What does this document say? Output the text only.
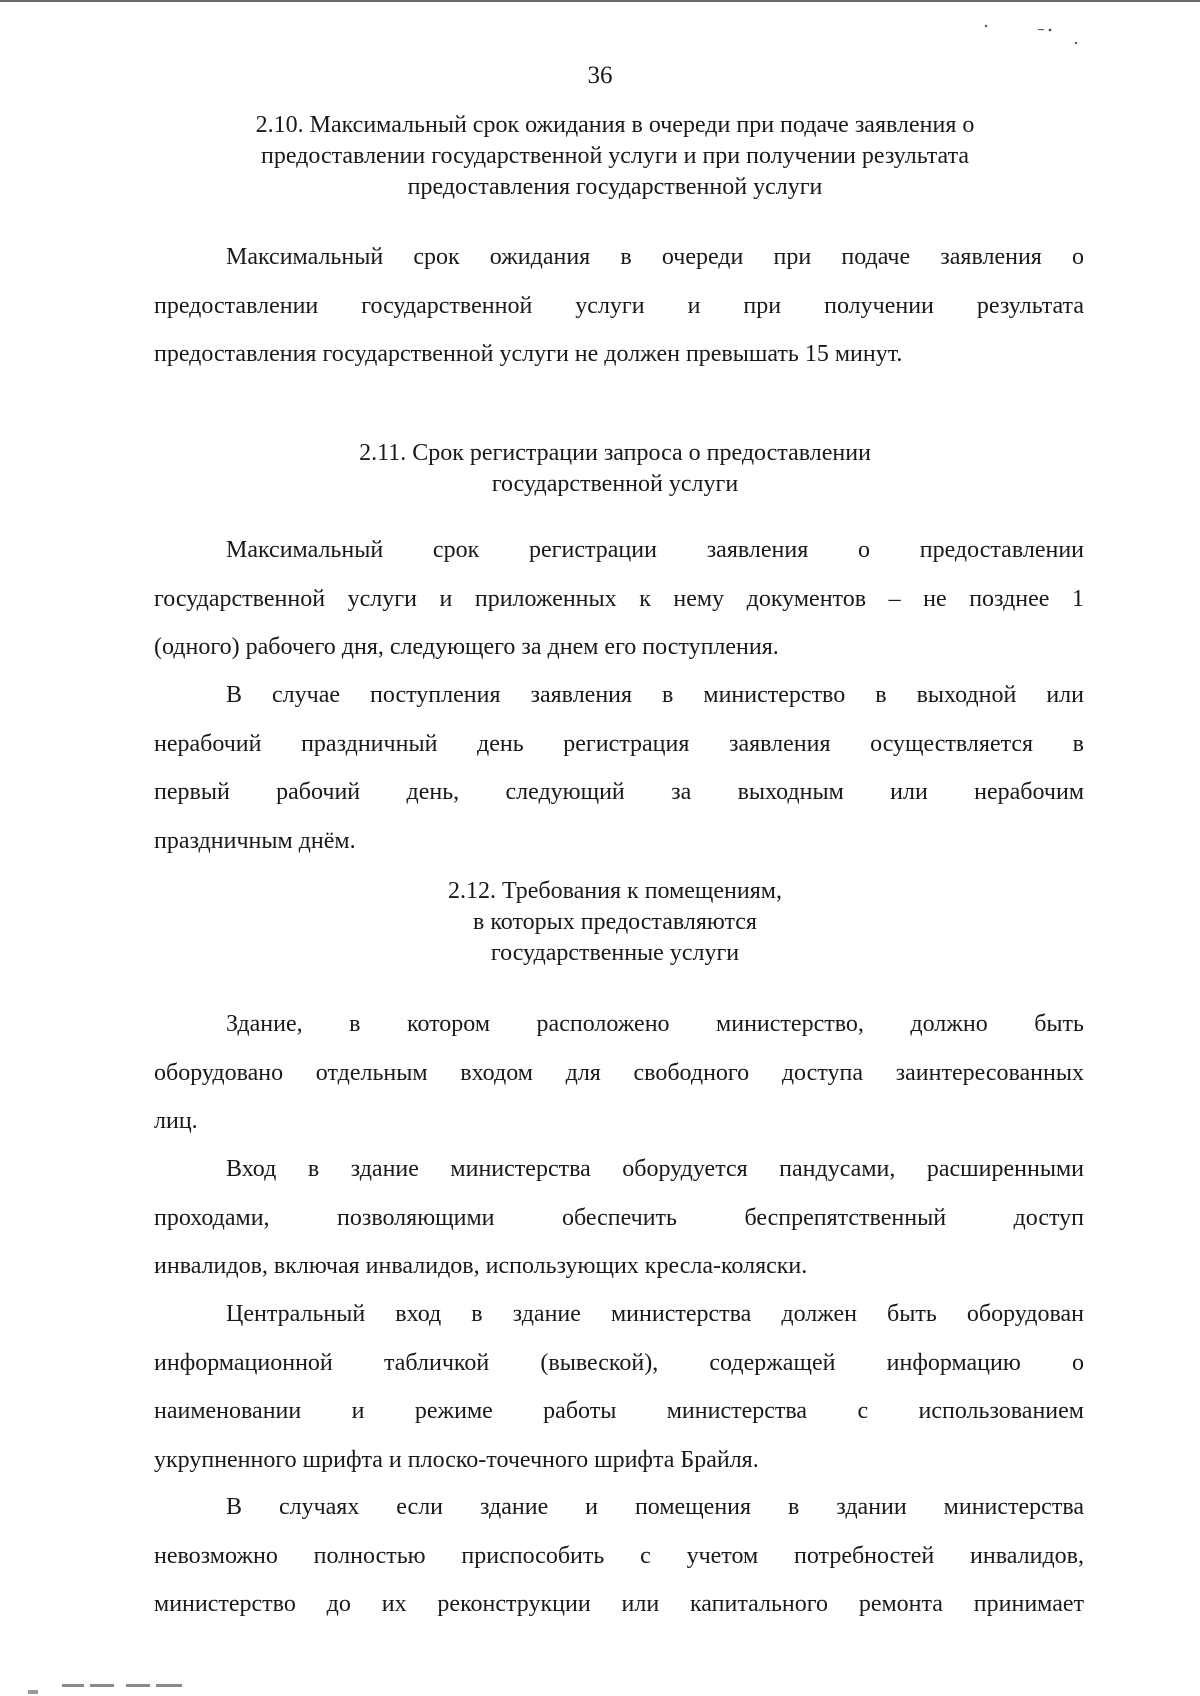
36
2.10. Максимальный срок ожидания в очереди при подаче заявления о
предоставлении государственной услуги и при получении результата
предоставления государственной услуги
Максимальный срок ожидания в очереди при подаче заявления о
предоставлении государственной услуги и при получении результата
предоставления государственной услуги не должен превышать 15 минут.
2.11. Срок регистрации запроса о предоставлении
государственной услуги
Максимальный срок регистрации заявления о предоставлении
государственной услуги и приложенных к нему документов – не позднее 1
(одного) рабочего дня, следующего за днем его поступления.
В случае поступления заявления в министерство в выходной или
нерабочий праздничный день регистрация заявления осуществляется в
первый рабочий день, следующий за выходным или нерабочим
праздничным днём.
2.12. Требования к помещениям,
в которых предоставляются
государственные услуги
Здание, в котором расположено министерство, должно быть
оборудовано отдельным входом для свободного доступа заинтересованных
лиц.
Вход в здание министерства оборудуется пандусами, расширенными
проходами, позволяющими обеспечить беспрепятственный доступ
инвалидов, включая инвалидов, использующих кресла-коляски.
Центральный вход в здание министерства должен быть оборудован
информационной табличкой (вывеской), содержащей информацию о
наименовании и режиме работы министерства с использованием
укрупненного шрифта и плоско-точечного шрифта Брайля.
В случаях если здание и помещения в здании министерства
невозможно полностью приспособить с учетом потребностей инвалидов,
министерство до их реконструкции или капитального ремонта принимает
